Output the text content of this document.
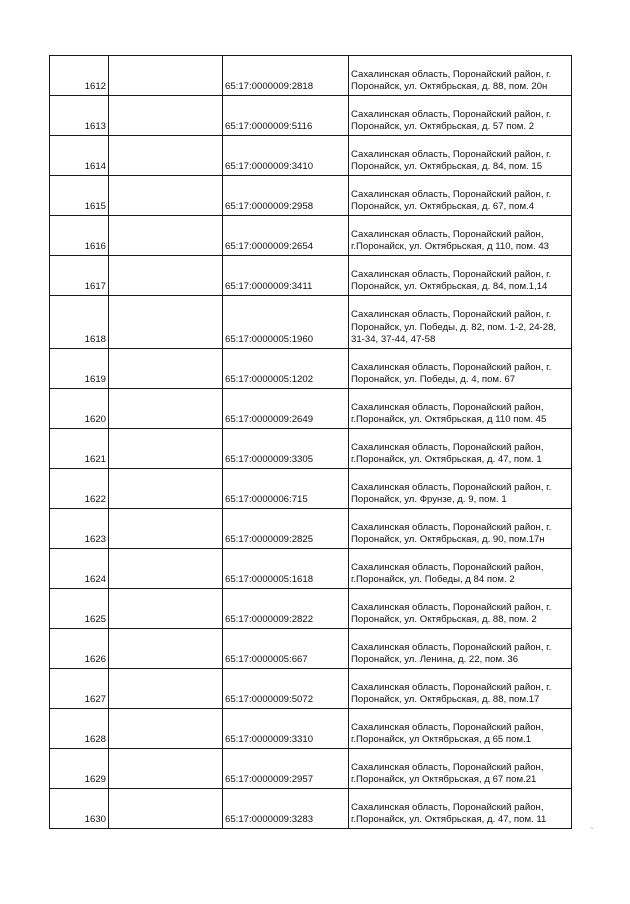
1612		65:17:0000009:2818	Сахалинская область, Поронайский район, г. Поронайск, ул. Октябрьская, д. 88, пом. 20н
1613		65:17:0000009:5116	Сахалинская область, Поронайский район, г. Поронайск, ул. Октябрьская, д. 57 пом. 2
1614		65:17:0000009:3410	Сахалинская область, Поронайский район, г. Поронайск, ул. Октябрьская, д. 84, пом. 15
1615		65:17:0000009:2958	Сахалинская область, Поронайский район, г. Поронайск, ул. Октябрьская, д. 67, пом.4
1616		65:17:0000009:2654	Сахалинская область, Поронайский район, г.Поронайск, ул. Октябрьская, д 110, пом. 43
1617		65:17:0000009:3411	Сахалинская область, Поронайский район, г. Поронайск, ул. Октябрьская, д. 84, пом.1,14
1618		65:17:0000005:1960	Сахалинская область, Поронайский район, г. Поронайск, ул. Победы, д. 82, пом. 1-2, 24-28, 31-34, 37-44, 47-58
1619		65:17:0000005:1202	Сахалинская область, Поронайский район, г. Поронайск, ул. Победы, д. 4, пом. 67
1620		65:17:0000009:2649	Сахалинская область, Поронайский район, г.Поронайск, ул. Октябрьская, д 110 пом. 45
1621		65:17:0000009:3305	Сахалинская область, Поронайский район, г.Поронайск, ул. Октябрьская, д. 47, пом. 1
1622		65:17:0000006:715	Сахалинская область, Поронайский район, г. Поронайск, ул. Фрунзе, д. 9, пом. 1
1623		65:17:0000009:2825	Сахалинская область, Поронайский район, г. Поронайск, ул. Октябрьская, д. 90, пом.17н
1624		65:17:0000005:1618	Сахалинская область, Поронайский район, г.Поронайск, ул. Победы, д 84 пом. 2
1625		65:17:0000009:2822	Сахалинская область, Поронайский район, г. Поронайск, ул. Октябрьская, д. 88, пом. 2
1626		65:17:0000005:667	Сахалинская область, Поронайский район, г. Поронайск, ул. Ленина, д. 22, пом. 36
1627		65:17:0000009:5072	Сахалинская область, Поронайский район, г. Поронайск, ул. Октябрьская, д. 88, пом.17
1628		65:17:0000009:3310	Сахалинская область, Поронайский район, г.Поронайск, ул Октябрьская, д 65 пом.1
1629		65:17:0000009:2957	Сахалинская область, Поронайский район, г.Поронайск, ул Октябрьская, д 67 пом.21
1630		65:17:0000009:3283	Сахалинская область, Поронайский район, г.Поронайск, ул. Октябрьская, д. 47, пом. 11
~
